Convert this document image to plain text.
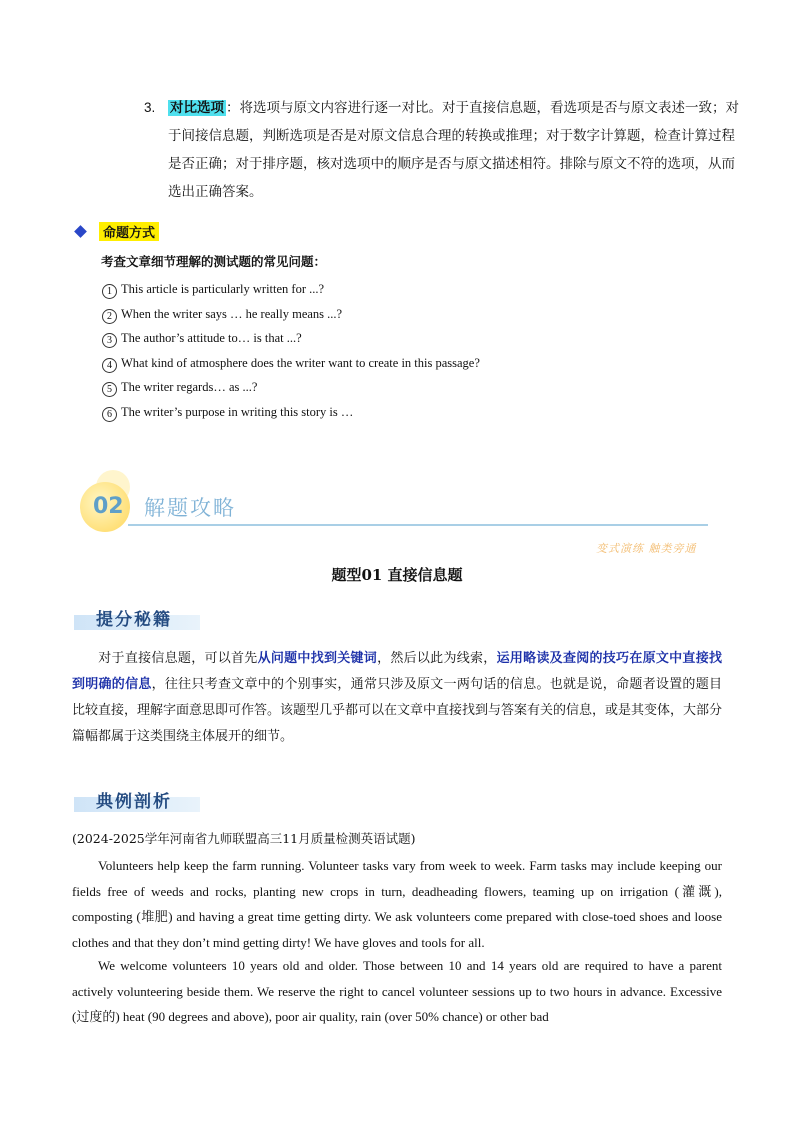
3. 对比选项 ：将选项与原文内容进行逐一对比。对于直接信息题，看选项是否与原文表述一致；对于间接信息题，判断选项是否是对原文信息合理的转换或推理；对于数字计算题，检查计算过程是否正确；对于排序题，核对选项中的顺序是否与原文描述相符。排除与原文不符的选项，从而选出正确答案。
命题方式
考查文章细节理解的测试题的常见问题：
1 This article is particularly written for ...?
2 When the writer says … he really means ...?
3 The author’s attitude to… is that ...?
4 What kind of atmosphere does the writer want to create in this passage?
5 The writer regards… as ...?
6 The writer’s purpose in writing this story is …
02 解题攻略
变式演练 触类旁通
题型01 直接信息题
提分秘籍
对于直接信息题，可以首先从问题中找到关键词，然后以此为线索，运用略读及查阅的技巧在原文中直接找到明确的信息，往往只考查文章中的个别事实，通常只涉及原文一两句话的信息。也就是说，命题者设置的题目比较直接，理解字面意思即可作答。该题型几乎都可以在文章中直接找到与答案有关的信息，或是其变体，大部分篇幅都属于这类围绕主体展开的细节。
典例剖析
(2024-2025学年河南省九师联盟高三11月质量检测英语试题)
Volunteers help keep the farm running. Volunteer tasks vary from week to week. Farm tasks may include keeping our fields free of weeds and rocks, planting new crops in turn, deadheading flowers, teaming up on irrigation (灌溉), composting (堆肥) and having a great time getting dirty. We ask volunteers come prepared with close-toed shoes and loose clothes and that they don’t mind getting dirty! We have gloves and tools for all.
We welcome volunteers 10 years old and older. Those between 10 and 14 years old are required to have a parent actively volunteering beside them. We reserve the right to cancel volunteer sessions up to two hours in advance. Excessive (过度的) heat (90 degrees and above), poor air quality, rain (over 50% chance) or other bad
